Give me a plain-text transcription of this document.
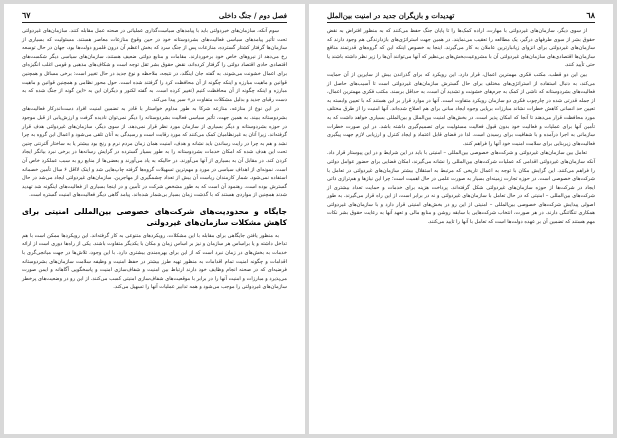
٦٧	فصل دوم / جنگ داخلی

سوم آنکه، سازمان‌های خبردولتی باید با پیامدهای سیاست‌گذاری عملیاتی در صحنه عمل مقابله کنند. سازمان‌های غیردولتی تحت تأثیر پیامدهای سیاسی فعالیت‌های بشردوستانه خود در حین وقوع منازعات معاصر هستند. مسئولیت که بسیاری از سازمان‌ها گرفتار کشتار گسترده، منازعات پس از جنگ سرد که بخش اعظم آن درون قلمرو دولت‌ها بود، جهان در حال توسعه رخ می‌دهد از نیروهای خاص خود برخوردارند. مقامات و منابع دولتی ضعیف هستند، سازمان‌های سیاسی دیگر شکست‌های اقتصادی حادی اقتصاد دولتی را گرفتار کرده‌اند، نقض حقوق بشر ثقل توجه است و شکاف‌های مذهبی و قومی اغلب انگیزه‌ای برای اعمال خشونت می‌شوند. به گفته جان اینگلد، در نتیجه، ملاحظه و نوع جدید در حال تغییر است: برخی مسائل و همچنین قوانین و ماهیت مبارزه و اینکه چگونه از آن محافظت کرد را گرفتند شده است. حول محور نظامی و همچنین قوانین و ماهیت مبارزه و اینکه چگونه از آن محافظت کنیم (تغییر کرده است. به گفته لکنور و دیگران این به «این گونه از جنگ شده که به دست رقبای جدید و بدلیل مشکلات متفاوت در» سیر پیدا می‌کند.

در این نوع از منازعه، منازعه شرکا به طور مداوم خواستار با قادر به تضمین امنیت افراد دست‌اندرکار فعالیت‌های بشردوستانه ببیند. به همین جهت، تأثیر سیاسی فعالیت بشردوستانه را دیگر نمی‌توان نادیده گرفت و ارزش‌یابی از قبل موجود در حوزه بشردوستانه و دیگر بسیاری از سازمان مورد نظر قرار نمی‌دهد. از سوی دیگر، سازمان‌های غیردولتی هدف قرار گرفته‌اند. زیرا آنان به غیرنظامیان کمک می‌کنند که مورد رقابت است و رسیدگی به آنان تلقی می‌شود و اعمال این گروه به چرا نشد و هم به چرا در رایت رساندن باید نشانه و هدف، امنیت همان زمان مردم نرم و رنج بود بیشتر یا به ساختار آلترنتی چنین تحت این هدف شده که امکان خدمات بشردوستانه را به طور بسیار گسترده در گرایش رسانه‌ها در برخی نبرد بیانگر ایجاد کردن کند. در مقابل آن به بسیاری از آنها می‌آورند. در حالیکه به یاد می‌آورند و بعضی‌ها از منابع رو به سبب عملکرد خاص آن است. نمونه‌ای از اهداف سیاسی در مورد و مهم‌ترین تسهیلات گروه‌ها گرفته چاپ‌هایی شد و اینک لااقل ۶ سال تأمین خصمانه استفاده نمی‌شود. شمار کارمندان ریاست آن بیش از تعداد چشمگیری از مهاجرین. سازمان‌های غیردولتی ایجاد می‌شد در حال گسترش بوده است. رهنمود آن است که به طور مشخص شرکت در تأمین و در اینجا بسیاری از فعالیت‌های اینگونه شد تهدید شدند همچنین از مواردی هستند که با گذشت زمان بسیار بی‌شمار شده‌اند. پیامد گاهی دیگر فعالیت‌های امنیت گستره است.

جایگاه و محدودیت‌های شرکت‌های خصوصی بین‌المللی امنیتی برای کاهش مشکلات سازمان‌های غیردولتی

به منظور یافتن جایگاهی برای مقابله با این مشکلات، رویکردهای متنوعی به کار گرفته‌اند. این رویکردها ممکن است با هم تداخل داشته و یا براساس هر سازمان و نیز بر اساس زمان و مکان با یکدیگر متفاوت باشند. یکی از راه‌ها دوری است از ارائه خدمات به بخش‌های در زمان نبرد است که از این برای بهره‌مندی بیشتری دارد. با این وجود، تلاش‌ها در جهت میانجی‌گری با اقدامات و چگونه امنیت تمام اقدامات به منظور تهیه طرز بیشتر در حفظ امنیت و وظیفه سلامت سازمان‌های بشردوستانه فرضیه‌ای که در صحنه انجام وظایف خود دارند ارتباط بین امنیت و شفاف‌سازی امنیت و پاسخگویی آگاهانه و ایمن صورت می‌پذیرد و مبارزات و امنیت آنها را در برابر با موقعیت‌های شفاف‌سازی امنیتی کسب می‌کنند. از این رو در وضعیت‌های پرخطر سازمان‌های غیردولتی را موجب می‌شود و همه تدابیر عملیات آنها را تسهیل می‌کند.

تهدیدات و بازیگران جدید در امنیت بین‌الملل	٦٨

از سوی دیگر، سازمان‌های غیردولتی با مهارت، اراده کمک‌ها را تا پایان جنگ حفظ می‌کنند که به منظور افتراض به نقض حقوق بشر از سوی طرفهای درگیر، یک مطالعه را تعقیب می‌نمایند. در همین جهت استراتژی‌های بازدارندگی هم وجود دارند که سازمان‌های غیردولتی برای انزوای زیانبارترین عاملان به کار می‌گیرند. اینجا به خصوص اینکه این که گروه‌های قدرتمند منافع سازمان‌ها اقتصادی‌های سازمان‌های غیردولتی آن با مشروعیت‌بخش‌های بی‌نظیر که آنها می‌توانند آن‌ها را زیر نظر داشته باشند یا حتی تأیید کنند.

بین این دو قطب، مکتب فکری مهمترین اعمال، قرار دارد. این رویکرد که برای گذراندن بیش از سایرین از آن حمایت می‌کند، به دنبال استفاده از استراتژی‌های مختلف برای حال گسترش سازمان‌های غیردولتی است تا آسیب‌های حاصل از فعالیت‌های بشردوستانه که ناشی از کمک به جرم‌های خشونت و تشدید آن است، به حداقل برسند. مکتب فکری مهمترین اعمال، از جمله قدرتی شده در چارچوب فکری دو سازمان رویکرد متفاوت است. آنها در موارد قرار بر این هستند که با تعیین وابسته به تعیین حد انسانی کاهش خطرات نشاند مبارزات برپایی وجوه ایجاد مبانی برای هم اصلاح شده‌اند. آنها امنیت را از طرق مختلف مورد محافظت قرار می‌دهند تا آنجا که امکان پذیر است، در بخش‌های امنیت بین‌الملل و بین‌المللی بسیاری خواهد داشت که به تأمین آنها برای عملیات و فعالیت خود بدون قبول فعالیت مسئولیت برای تصمیم‌گیری داشته باشد. در این صورت خطرات سازمانی به اجرا درآمده و با شفافیت برای رسیدن است. لذا در فضای قابل اعتماد و ایجاد کنترل و ارزیابی لازم جهت پیگیری فعالیت‌های زیربنایی برای سلامت امنیت خود آنها را فراهم کنند.

تعامل بین سازمان‌های غیردولتی و شرکت‌های خصوصی بین‌المللی – امنیتی با باید در این شرایط و در این پیوستار قرار داد. آنکه سازمان‌های غیردولتی اقدامی که عملیات شرکت‌های بین‌المللی را نشانه می‌گیرند، امکان فضایی برای حضور عوامل دولتی را فراهم می‌کنند. این گرایش مکان با توجه به اعمال تاریخی که مرتبط به استقلال بیشتر سازمان‌های غیردولتی در تعامل با شرکت‌های خصوصی است. در حوزه تجارت زمینه‌ای بسیار به صورت علمی در حال اهمیت است؛ چرا این نیازها و هم‌ترازی ذاتی ایجاد در شرکت‌ها از حوزه سازمان‌های غیردولتی شکل گرفته‌اند. پرداخت هزینه برای خدمات و حمایت تعداد بیشتری از شرکت‌های بین‌المللی – امنیتی که در حال تعامل با سازمان‌های غیردولتی و نه در برابر است، از این راه قرار می‌گیرند. به طور اصولی پیدایش شرکت‌های خصوصی بین‌المللی – امنیتی از این رو در بخش‌های امنیتی قرار دارد و با سازمان‌های غیردولتی همکاری تنگاتنگی دارند. در هر صورت، انتخاب شرکت‌هایی با سابقه روشن و منابع مالی و تعهد آنها به رعایت حقوق بشر نکات مهم هستند که تضمین آن بر عهده دولت‌ها است که تعامل با آنها را تایید می‌کنند.
